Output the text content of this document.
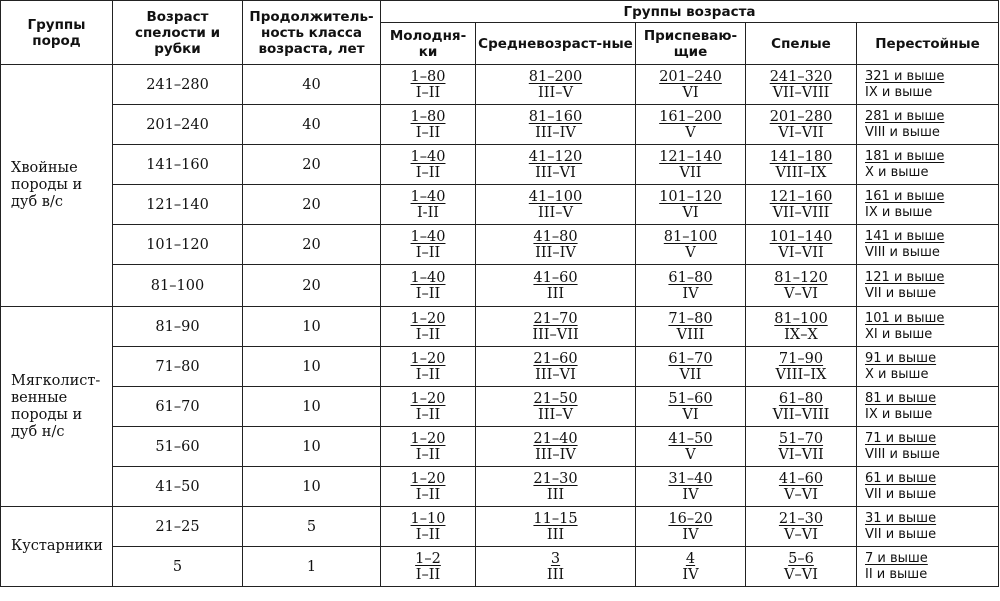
Группы пород	Возраст спелости и рубки	Продолжитель-ность класса возраста, лет	Группы возраста				
			Молодня-ки	Средневозраст-ные	Приспеваю-щие	Спелые	Перестойные
Хвойные породы и дуб в/с	241–280	40	$\frac{1-80}{I-II}$	$\frac{81-200}{\text{III–V}}$	$\frac{201-240}{VI}$	$\frac{241-320}{\text{VII–VIII}}$	$\frac{\text{321 и выше}}{\text{IX и выше}}$

	201–240	40	$\frac{1-80}{I-II}$	$\frac{81-160}{\text{III–IV}}$	$\frac{161-200}{V}$	$\frac{201-280}{\text{VI–VII}}$	$\frac{\text{281 и выше}}{\text{VIII и выше}}$

	141–160	20	$\frac{1-40}{I-II}$	$\frac{41-120}{\text{III–VI}}$	$\frac{121-140}{\text{VII}}$	$\frac{141-180}{\text{VIII–IX}}$	$\frac{\text{181 и выше}}{\text{X и выше}}$

	121–140	20	$\frac{1-40}{I-II}$	$\frac{41-100}{\text{III–V}}$	$\frac{101-120}{VI}$	$\frac{121-160}{\text{VII–VIII}}$	$\frac{\text{161 и выше}}{\text{IX и выше}}$

	101–120	20	$\frac{1-40}{I-II}$	$\frac{41-80}{\text{III–IV}}$	$\frac{81-100}{V}$	$\frac{101-140}{\text{VI–VII}}$	$\frac{\text{141 и выше}}{\text{VIII и выше}}$

	81–100	20	$\frac{1-40}{I-II}$	$\frac{41-60}{\text{III}}$	$\frac{61-80}{IV}$	$\frac{81-120}{V-VI}$	$\frac{\text{121 и выше}}{\text{VII и выше}}$

Мягколист-венные породы и дуб н/с	81–90	10	$\frac{1-20}{I-II}$	$\frac{21-70}{\text{III–VII}}$	$\frac{71-80}{\text{VIII}}$	$\frac{81-100}{IX-X}$	$\frac{\text{101 и выше}}{\text{XI и выше}}$

	71–80	10	$\frac{1-20}{I-II}$	$\frac{21-60}{\text{III–VI}}$	$\frac{61-70}{\text{VII}}$	$\frac{71-90}{\text{VIII–IX}}$	$\frac{\text{91 и выше}}{\text{X и выше}}$

	61–70	10	$\frac{1-20}{I-II}$	$\frac{21-50}{\text{III–V}}$	$\frac{51-60}{VI}$	$\frac{61-80}{\text{VII–VIII}}$	$\frac{\text{81 и выше}}{\text{IX и выше}}$

	51–60	10	$\frac{1-20}{I-II}$	$\frac{21-40}{\text{III–IV}}$	$\frac{41-50}{V}$	$\frac{51-70}{\text{VI–VII}}$	$\frac{\text{71 и выше}}{\text{VIII и выше}}$

	41–50	10	$\frac{1-20}{I-II}$	$\frac{21-30}{\text{III}}$	$\frac{31-40}{IV}$	$\frac{41-60}{V-VI}$	$\frac{\text{61 и выше}}{\text{VII и выше}}$

Кустарники	21–25	5	$\frac{1-10}{I-II}$	$\frac{11-15}{\text{III}}$	$\frac{16-20}{IV}$	$\frac{21-30}{V-VI}$	$\frac{\text{31 и выше}}{\text{VII и выше}}$

	5	1	$\frac{1-2}{I-II}$	$\frac{3}{\text{III}}$	$\frac{4}{IV}$	$\frac{5-6}{V-VI}$	$\frac{\text{7 и выше}}{\text{II и выше}}$
